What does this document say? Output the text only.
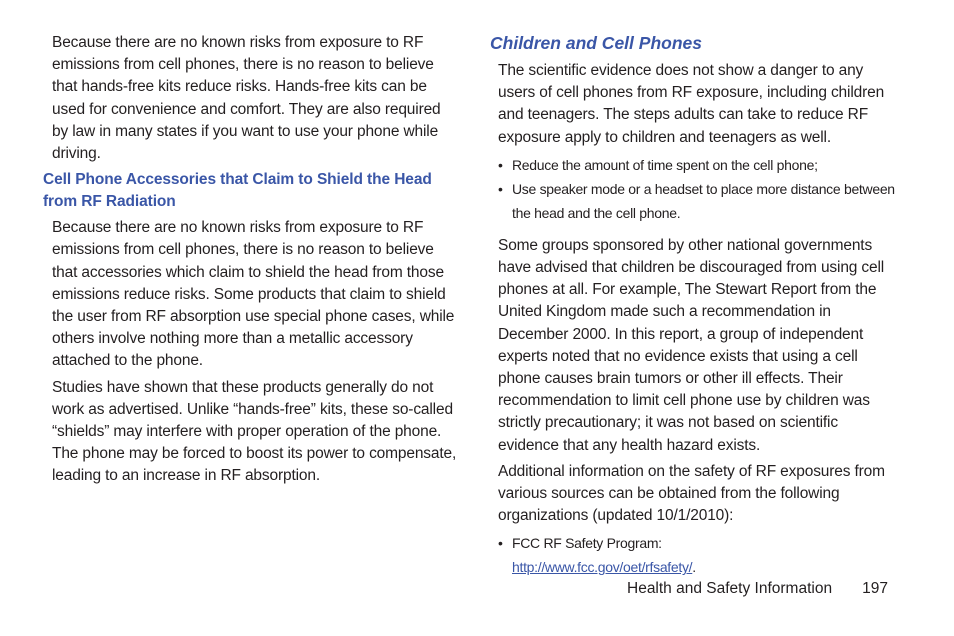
Because there are no known risks from exposure to RF emissions from cell phones, there is no reason to believe that hands-free kits reduce risks. Hands-free kits can be used for convenience and comfort. They are also required by law in many states if you want to use your phone while driving.

Cell Phone Accessories that Claim to Shield the Head from RF Radiation

Because there are no known risks from exposure to RF emissions from cell phones, there is no reason to believe that accessories which claim to shield the head from those emissions reduce risks. Some products that claim to shield the user from RF absorption use special phone cases, while others involve nothing more than a metallic accessory attached to the phone.

Studies have shown that these products generally do not work as advertised. Unlike “hands-free” kits, these so-called “shields” may interfere with proper operation of the phone. The phone may be forced to boost its power to compensate, leading to an increase in RF absorption.

Children and Cell Phones

The scientific evidence does not show a danger to any users of cell phones from RF exposure, including children and teenagers. The steps adults can take to reduce RF exposure apply to children and teenagers as well.

• Reduce the amount of time spent on the cell phone;
• Use speaker mode or a headset to place more distance between the head and the cell phone.

Some groups sponsored by other national governments have advised that children be discouraged from using cell phones at all. For example, The Stewart Report from the United Kingdom made such a recommendation in December 2000. In this report, a group of independent experts noted that no evidence exists that using a cell phone causes brain tumors or other ill effects. Their recommendation to limit cell phone use by children was strictly precautionary; it was not based on scientific evidence that any health hazard exists.

Additional information on the safety of RF exposures from various sources can be obtained from the following organizations (updated 10/1/2010):

• FCC RF Safety Program:
http://www.fcc.gov/oet/rfsafety/.
Health and Safety Information 197
